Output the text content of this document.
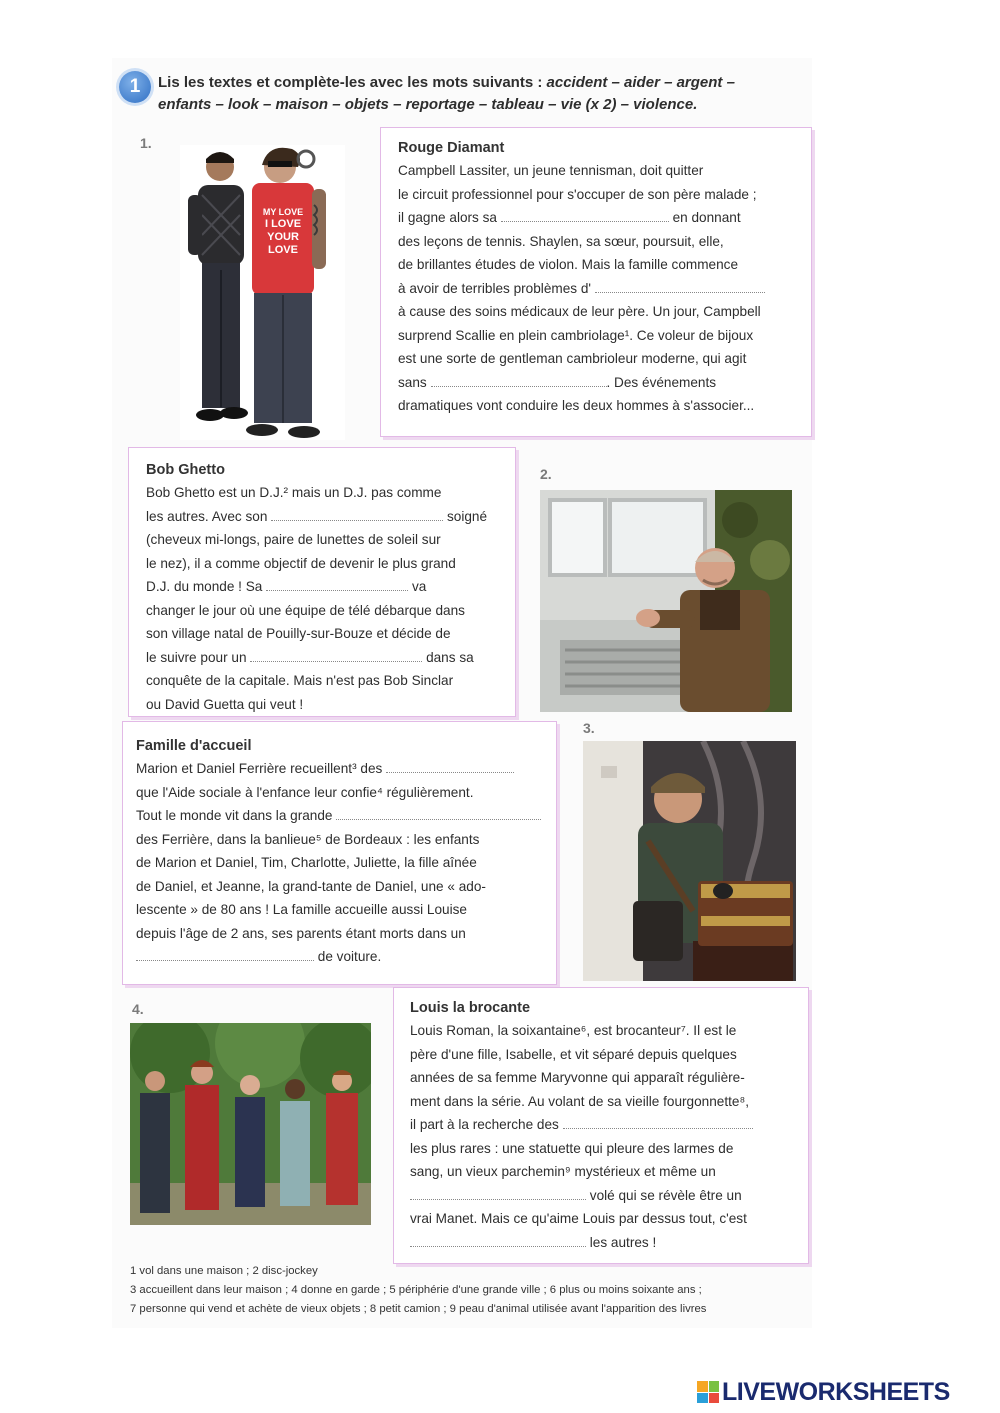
1	Lis les textes et complète-les avec les mots suivants : accident – aider – argent –
enfants – look – maison – objets – reportage – tableau – vie (x 2) – violence.
1.
MY LOVE
I LOVE
YOUR
LOVE
Rouge Diamant
Campbell Lassiter, un jeune tennisman, doit quitter
le circuit professionnel pour s'occuper de son père malade ;
il gagne alors sa	en donnant
des leçons de tennis. Shaylen, sa sœur, poursuit, elle,
de brillantes études de violon. Mais la famille commence
à avoir de terribles problèmes d'
à cause des soins médicaux de leur père. Un jour, Campbell
surprend Scallie en plein cambriolage¹. Ce voleur de bijoux
est une sorte de gentleman cambrioleur moderne, qui agit
sans	. Des événements
dramatiques vont conduire les deux hommes à s'associer...
Bob Ghetto
Bob Ghetto est un D.J.² mais un D.J. pas comme
les autres. Avec son	soigné
(cheveux mi-longs, paire de lunettes de soleil sur
le nez), il a comme objectif de devenir le plus grand
D.J. du monde ! Sa	va
changer le jour où une équipe de télé débarque dans
son village natal de Pouilly-sur-Bouze et décide de
le suivre pour un	dans sa
conquête de la capitale. Mais n'est pas Bob Sinclar
ou David Guetta qui veut !
2.
Famille d'accueil
Marion et Daniel Ferrière recueillent³ des
que l'Aide sociale à l'enfance leur confie⁴ régulièrement.
Tout le monde vit dans la grande
des Ferrière, dans la banlieue⁵ de Bordeaux : les enfants
de Marion et Daniel, Tim, Charlotte, Juliette, la fille aînée
de Daniel, et Jeanne, la grand-tante de Daniel, une « ado-
lescente » de 80 ans ! La famille accueille aussi Louise
depuis l'âge de 2 ans, ses parents étant morts dans un
de voiture.
3.
4.	Louis la brocante
Louis Roman, la soixantaine⁶, est brocanteur⁷. Il est le
père d'une fille, Isabelle, et vit séparé depuis quelques
années de sa femme Maryvonne qui apparaît régulière-
ment dans la série. Au volant de sa vieille fourgonnette⁸,
il part à la recherche des
les plus rares : une statuette qui pleure des larmes de
sang, un vieux parchemin⁹ mystérieux et même un
volé qui se révèle être un
vrai Manet. Mais ce qu'aime Louis par dessus tout, c'est
les autres !
1 vol dans une maison ; 2 disc-jockey
3 accueillent dans leur maison ; 4 donne en garde ; 5 périphérie d'une grande ville ; 6 plus ou moins soixante ans ;
7 personne qui vend et achète de vieux objets ; 8 petit camion ; 9 peau d'animal utilisée avant l'apparition des livres
LIVEWORKSHEETS
